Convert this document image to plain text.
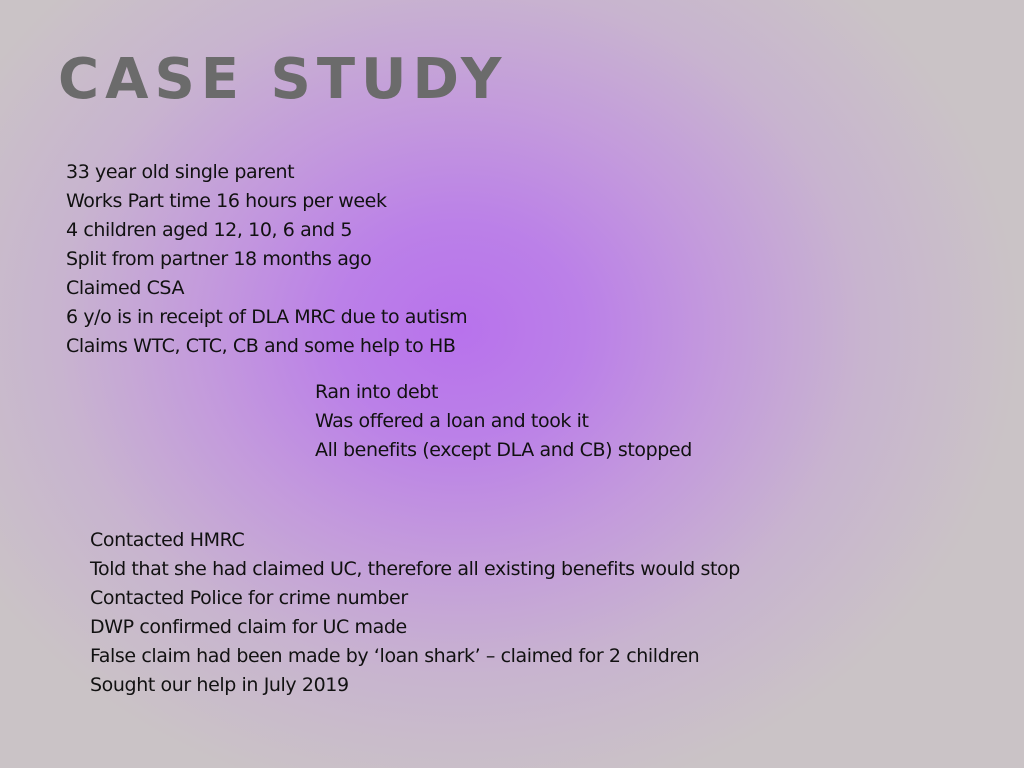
CASE STUDY
33 year old single parent
Works Part time 16 hours per week
4 children aged 12, 10, 6 and 5
Split from partner 18 months ago
Claimed CSA
6 y/o is in receipt of DLA MRC due to autism
Claims WTC, CTC, CB and some help to HB
Ran into debt
Was offered a loan and took it
All benefits (except DLA and CB) stopped
Contacted HMRC
Told that she had claimed UC, therefore all existing benefits would stop
Contacted Police for crime number
DWP confirmed claim for UC made
False claim had been made by ‘loan shark’ – claimed for 2 children
Sought our help in July 2019
